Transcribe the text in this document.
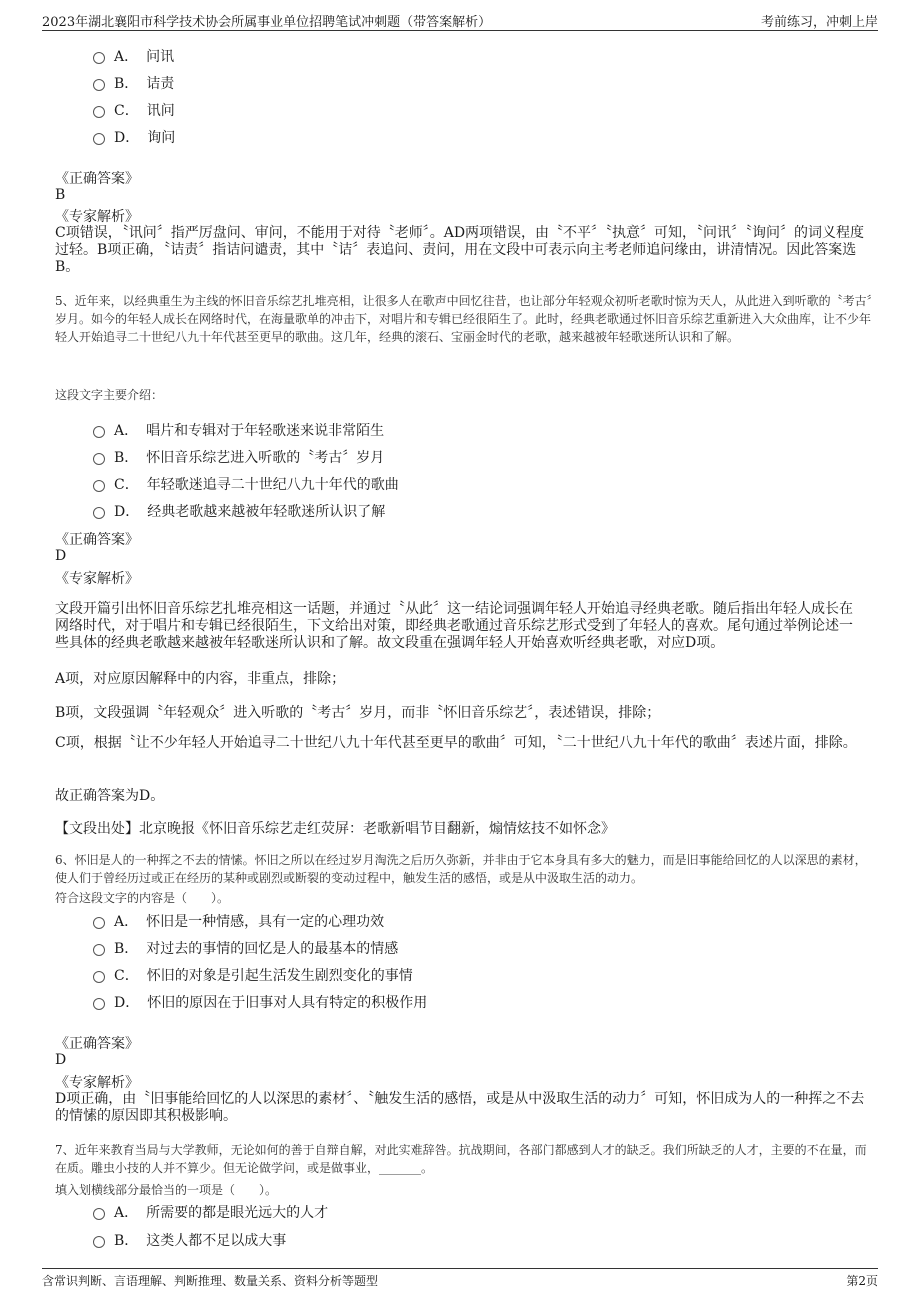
2023年湖北襄阳市科学技术协会所属事业单位招聘笔试冲刺题（带答案解析）	考前练习，冲刺上岸
A． 问讯
B． 诘责
C． 讯问
D． 询问
《正确答案》
B
《专家解析》
C项错误，〝讯问〞指严厉盘问、审问，不能用于对待〝老师〞。AD两项错误，由〝不平〞〝执意〞可知，〝问讯〞〝询问〞的词义程度过轻。B项正确，〝诘责〞指诘问谴责，其中〝诘〞表追问、责问，用在文段中可表示向主考老师追问缘由，讲清情况。因此答案选B。
5、近年来，以经典重生为主线的怀旧音乐综艺扎堆亮相，让很多人在歌声中回忆往昔，也让部分年轻观众初听老歌时惊为天人，从此进入到听歌的〝考古〞岁月。如今的年轻人成长在网络时代，在海量歌单的冲击下，对唱片和专辑已经很陌生了。此时，经典老歌通过怀旧音乐综艺重新进入大众曲库，让不少年轻人开始追寻二十世纪八九十年代甚至更早的歌曲。这几年，经典的滚石、宝丽金时代的老歌，越来越被年轻歌迷所认识和了解。
这段文字主要介绍：
A． 唱片和专辑对于年轻歌迷来说非常陌生
B． 怀旧音乐综艺进入听歌的〝考古〞岁月
C． 年轻歌迷追寻二十世纪八九十年代的歌曲
D． 经典老歌越来越被年轻歌迷所认识了解
《正确答案》
D
《专家解析》
文段开篇引出怀旧音乐综艺扎堆亮相这一话题，并通过〝从此〞这一结论词强调年轻人开始追寻经典老歌。随后指出年轻人成长在网络时代，对于唱片和专辑已经很陌生，下文给出对策，即经典老歌通过音乐综艺形式受到了年轻人的喜欢。尾句通过举例论述一些具体的经典老歌越来越被年轻歌迷所认识和了解。故文段重在强调年轻人开始喜欢听经典老歌，对应D项。
A项，对应原因解释中的内容，非重点，排除；
B项，文段强调〝年轻观众〞进入听歌的〝考古〞岁月，而非〝怀旧音乐综艺〞，表述错误，排除；
C项，根据〝让不少年轻人开始追寻二十世纪八九十年代甚至更早的歌曲〞可知，〝二十世纪八九十年代的歌曲〞表述片面，排除。
故正确答案为D。
【文段出处】北京晚报《怀旧音乐综艺走红荧屏：老歌新唱节目翻新，煽情炫技不如怀念》
6、怀旧是人的一种挥之不去的情愫。怀旧之所以在经过岁月淘洗之后历久弥新，并非由于它本身具有多大的魅力，而是旧事能给回忆的人以深思的素材，使人们于曾经历过或正在经历的某种或剧烈或断裂的变动过程中，触发生活的感悟，或是从中汲取生活的动力。
符合这段文字的内容是（　　）。
A． 怀旧是一种情感，具有一定的心理功效
B． 对过去的事情的回忆是人的最基本的情感
C． 怀旧的对象是引起生活发生剧烈变化的事情
D． 怀旧的原因在于旧事对人具有特定的积极作用
《正确答案》
D
《专家解析》
D项正确，由〝旧事能给回忆的人以深思的素材〞、〝触发生活的感悟，或是从中汲取生活的动力〞可知，怀旧成为人的一种挥之不去的情愫的原因即其积极影响。
7、近年来教育当局与大学教师，无论如何的善于自辩自解，对此实难辞咎。抗战期间，各部门都感到人才的缺乏。我们所缺乏的人才，主要的不在量，而在质。雕虫小技的人并不算少。但无论做学问，或是做事业，_______。
填入划横线部分最恰当的一项是（　　）。
A． 所需要的都是眼光远大的人才
B． 这类人都不足以成大事
含常识判断、言语理解、判断推理、数量关系、资料分析等题型	第2页
